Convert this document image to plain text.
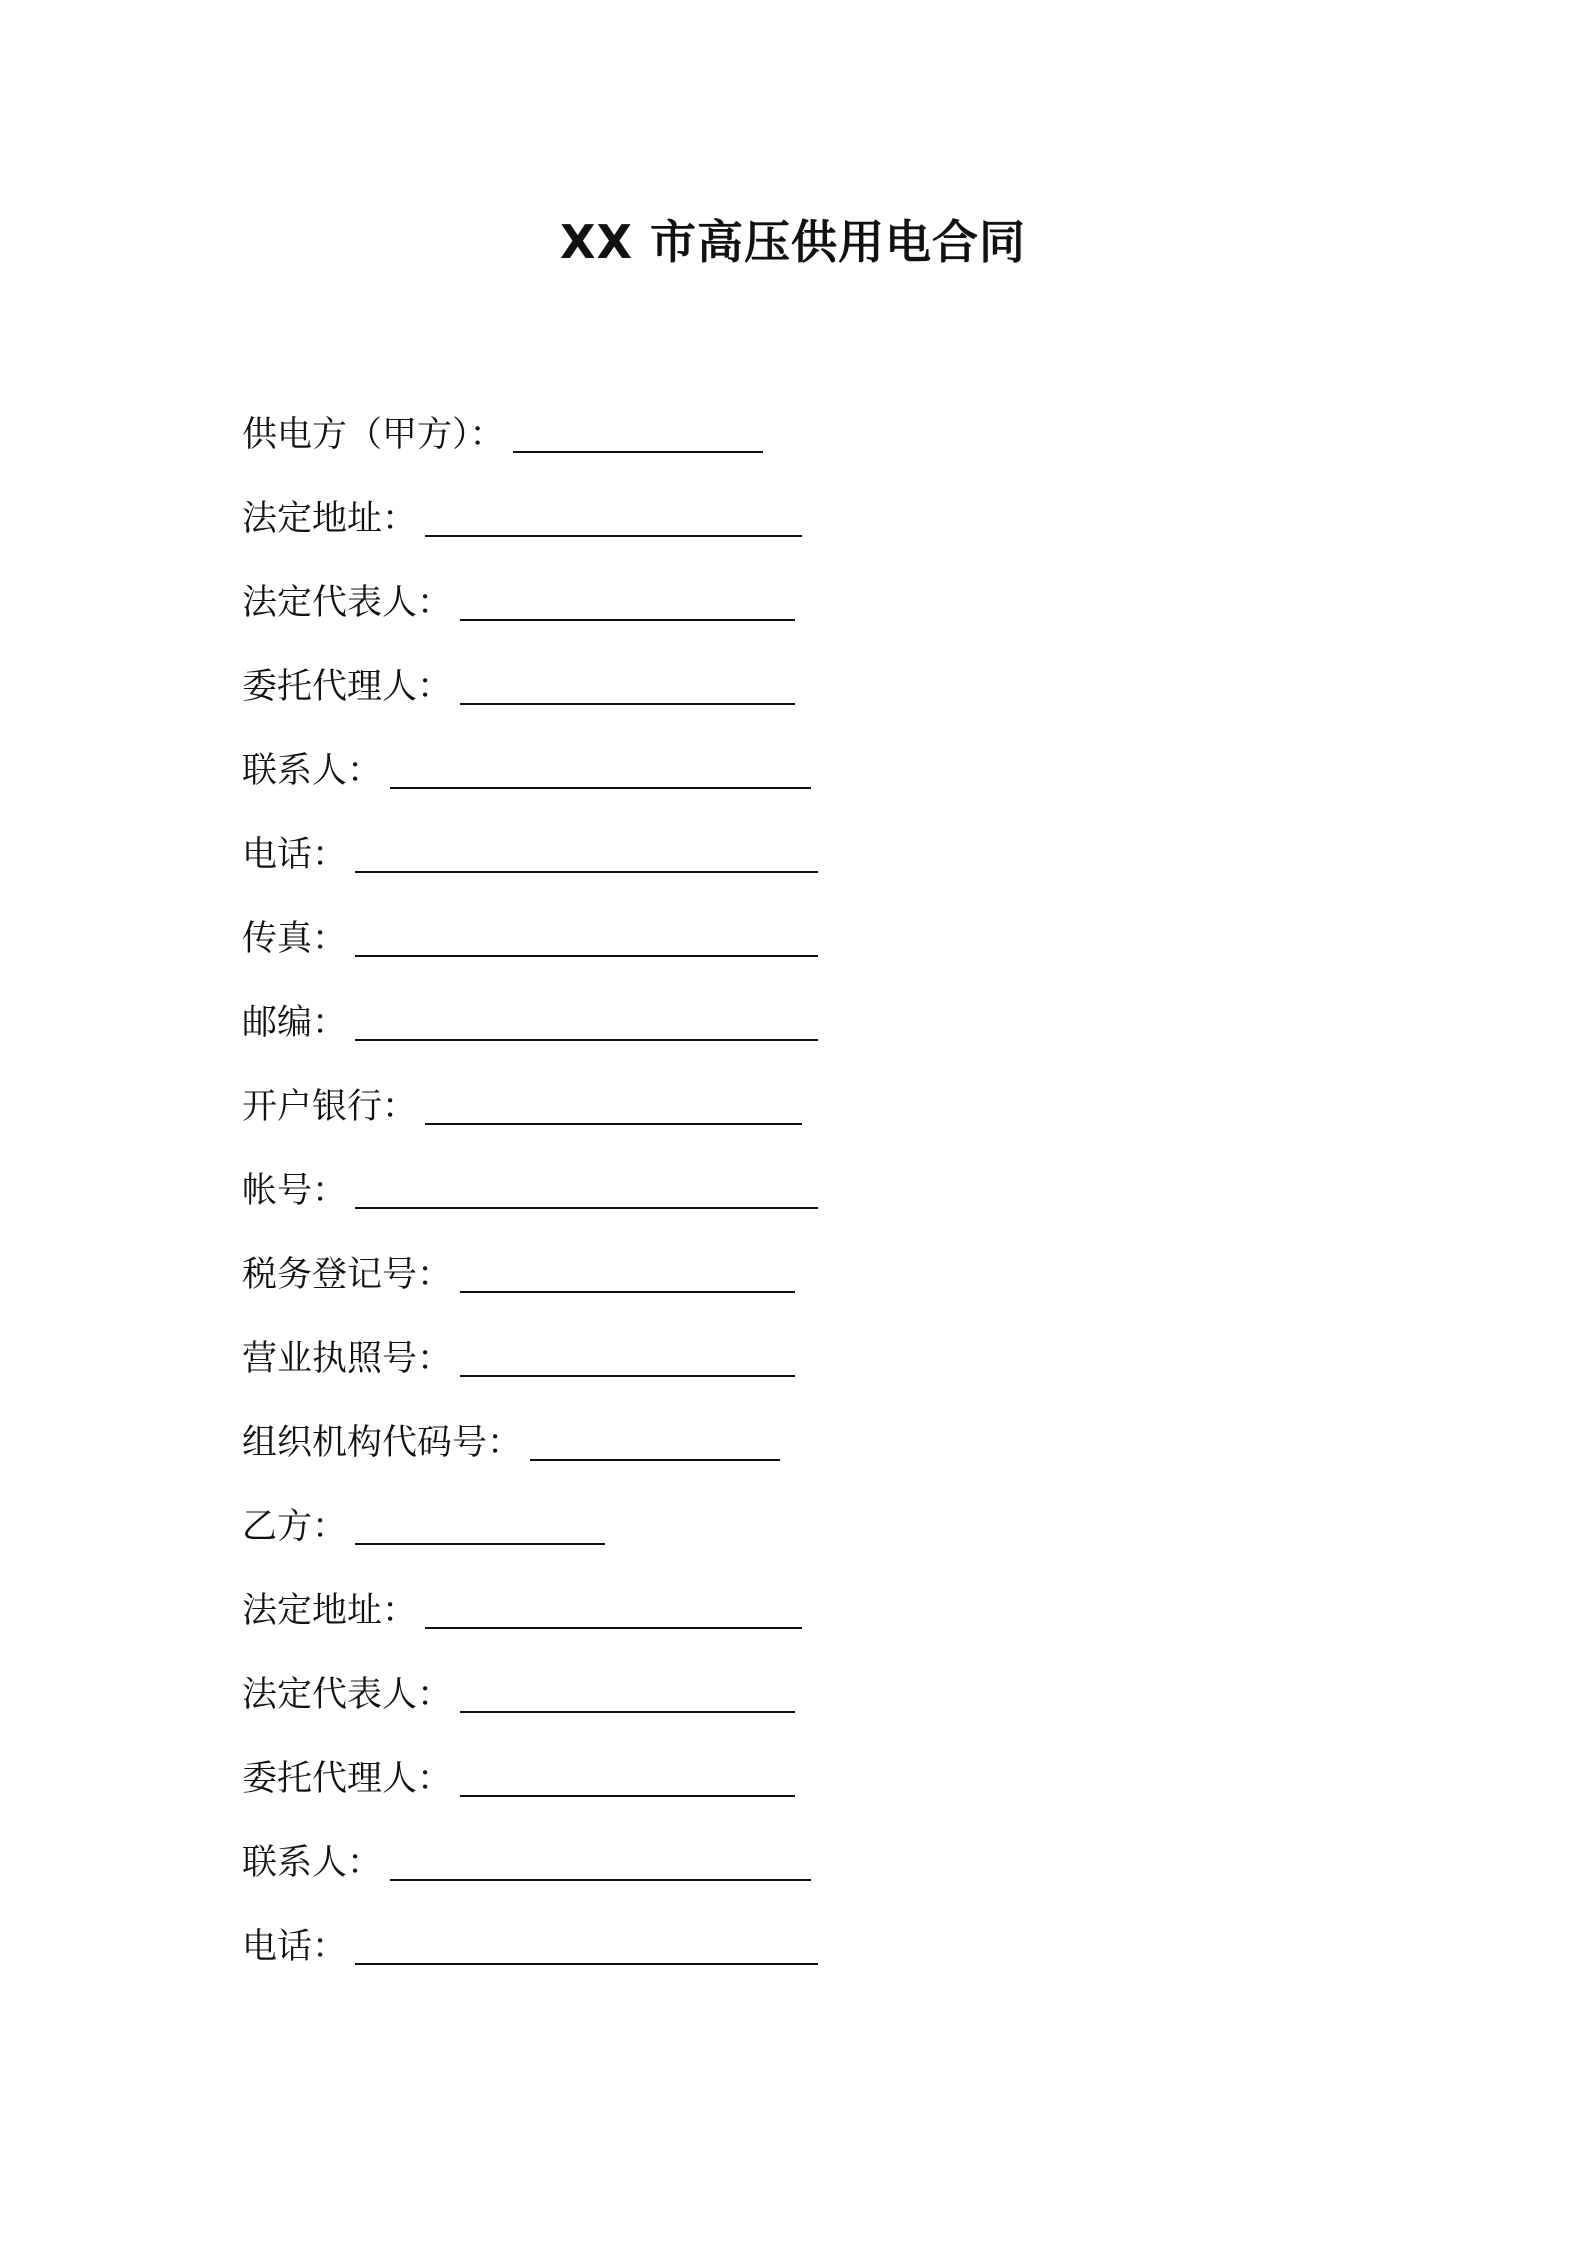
XX 市高压供用电合同
供电方（甲方）：
法定地址：
法定代表人：
委托代理人：
联系人：
电话：
传真：
邮编：
开户银行：
帐号：
税务登记号：
营业执照号：
组织机构代码号：
乙方：
法定地址：
法定代表人：
委托代理人：
联系人：
电话：
